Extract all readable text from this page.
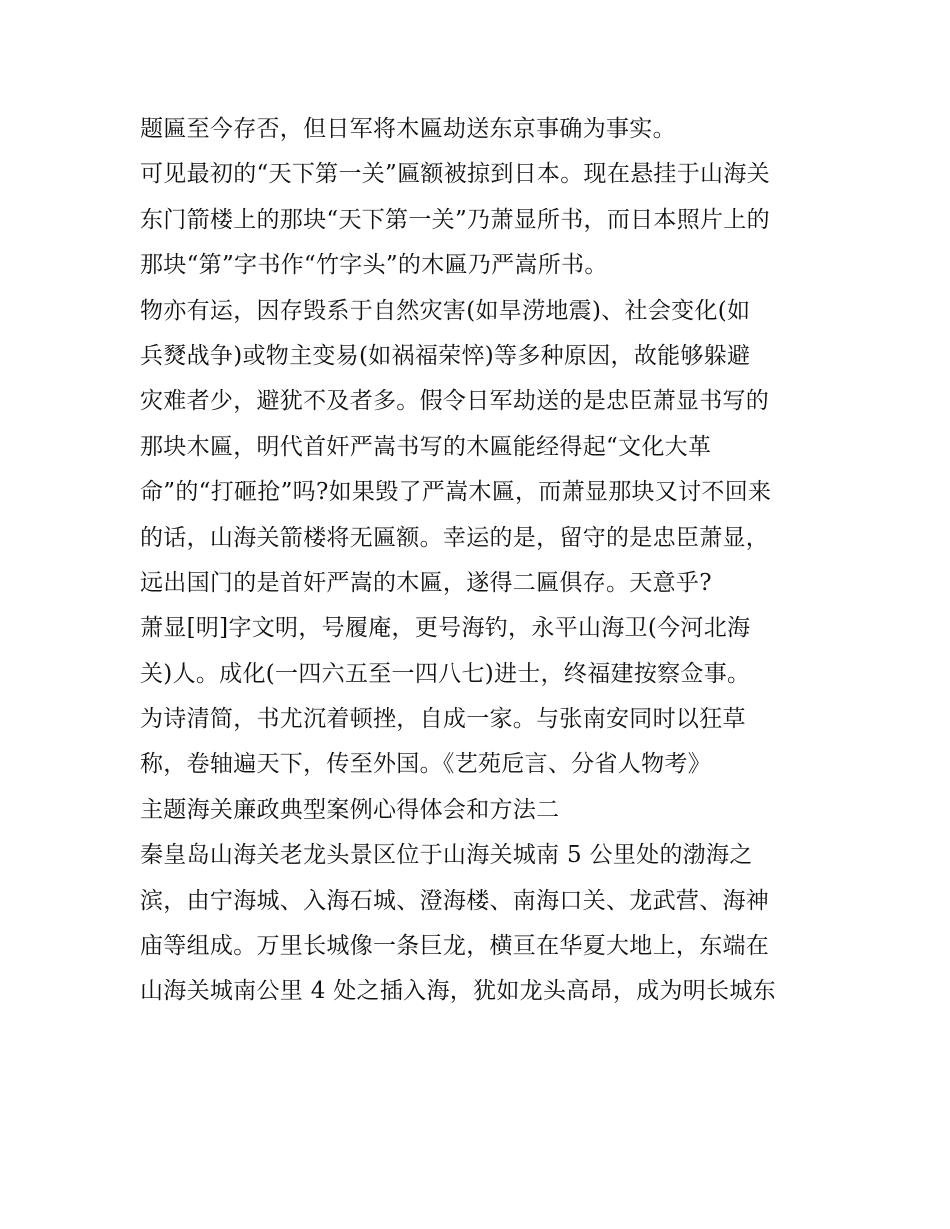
题匾至今存否，但日军将木匾劫送东京事确为事实。
可见最初的“天下第一关”匾额被掠到日本。现在悬挂于山海关
东门箭楼上的那块“天下第一关”乃萧显所书，而日本照片上的
那块“第”字书作“竹字头”的木匾乃严嵩所书。
物亦有运，因存毁系于自然灾害(如旱涝地震)、社会变化(如
兵燹战争)或物主变易(如祸福荣悴)等多种原因，故能够躲避
灾难者少，避犹不及者多。假令日军劫送的是忠臣萧显书写的
那块木匾，明代首奸严嵩书写的木匾能经得起“文化大革
命”的“打砸抢”吗?如果毁了严嵩木匾，而萧显那块又讨不回来
的话，山海关箭楼将无匾额。幸运的是，留守的是忠臣萧显，
远出国门的是首奸严嵩的木匾，遂得二匾俱存。天意乎?
萧显[明]字文明，号履庵，更号海钓，永平山海卫(今河北海
关)人。成化(一四六五至一四八七)进士，终福建按察佥事。
为诗清简，书尤沉着顿挫，自成一家。与张南安同时以狂草
称，卷轴遍天下，传至外国。《艺苑卮言、分省人物考》
主题海关廉政典型案例心得体会和方法二
秦皇岛山海关老龙头景区位于山海关城南 5 公里处的渤海之
滨，由宁海城、入海石城、澄海楼、南海口关、龙武营、海神
庙等组成。万里长城像一条巨龙，横亘在华夏大地上，东端在
山海关城南公里 4 处之插入海，犹如龙头高昂，成为明长城东
